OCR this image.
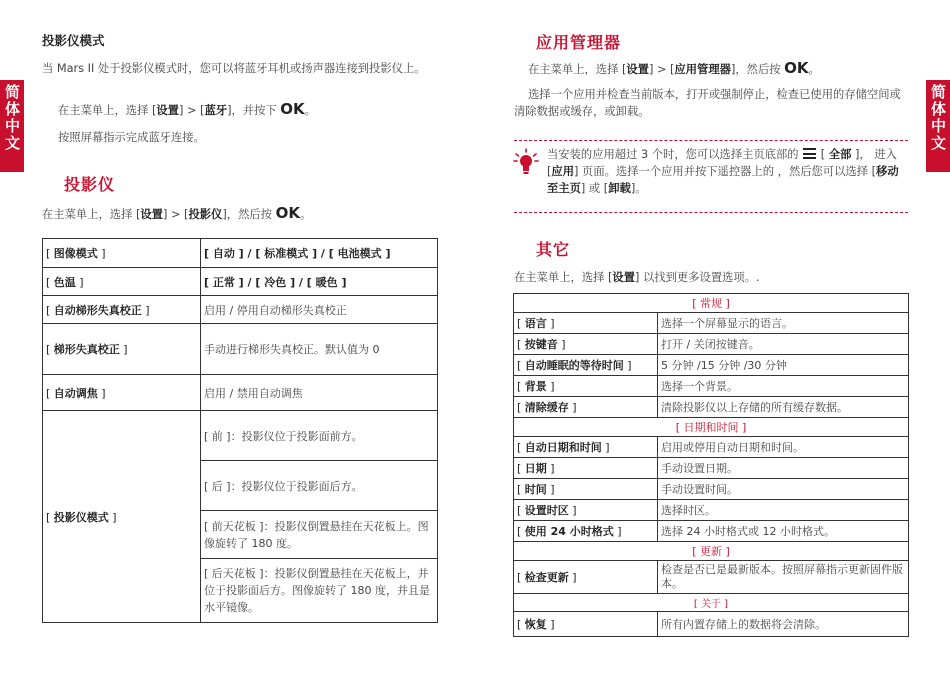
简体中文
简体中文
投影仪模式
当 Mars II 处于投影仪模式时，您可以将蓝牙耳机或扬声器连接到投影仪上。
在主菜单上，选择 [设置] > [蓝牙]，并按下 OK。
按照屏幕指示完成蓝牙连接。
投影仪
在主菜单上，选择 [设置] > [投影仪]，然后按 OK。
[ 图像模式 ]	[ 自动 ] / [ 标准模式 ] / [ 电池模式 ]
[ 色温 ]	[ 正常 ] / [ 冷色 ] / [ 暖色 ]
[ 自动梯形失真校正 ]	启用 / 停用自动梯形失真校正
[ 梯形失真校正 ]	手动进行梯形失真校正。默认值为 0
[ 自动调焦 ]	启用 / 禁用自动调焦
[ 投影仪模式 ]	[ 前 ]：投影仪位于投影面前方。
	[ 后 ]：投影仪位于投影面后方。
	[ 前天花板 ]：投影仪倒置悬挂在天花板上。图像旋转了 180 度。
	[ 后天花板 ]：投影仪倒置悬挂在天花板上，并位于投影面后方。图像旋转了 180 度，并且是水平镜像。
应用管理器
在主菜单上，选择 [设置] > [应用管理器]，然后按 OK。
选择一个应用并检查当前版本，打开或强制停止，检查已使用的存储空间或清除数据或缓存，或卸载。
当安装的应用超过 3 个时，您可以选择主页底部的
[ 全部 ]， 进入 [应用] 页面。选择一个应用并按下遥控器上的 ，然后您可以选择 [移动至主页] 或 [卸载]。
其它
在主菜单上，选择 [设置] 以找到更多设置选项。.
[ 常规 ]	
[ 语言 ]	选择一个屏幕显示的语言。
[ 按键音 ]	打开 / 关闭按键音。
[ 自动睡眠的等待时间 ]	5 分钟 /15 分钟 /30 分钟
[ 背景 ]	选择一个背景。
[ 清除缓存 ]	清除投影仪以上存储的所有缓存数据。
[ 日期和时间 ]	
[ 自动日期和时间 ]	启用或停用自动日期和时间。
[ 日期 ]	手动设置日期。
[ 时间 ]	手动设置时间。
[ 设置时区 ]	选择时区。
[ 使用 24 小时格式 ]	选择 24 小时格式或 12 小时格式。
[ 更新 ]	
[ 检查更新 ]	检查是否已是最新版本。按照屏幕指示更新固件版本。
[ 关于 ]	
[ 恢复 ]	所有内置存储上的数据将会清除。
